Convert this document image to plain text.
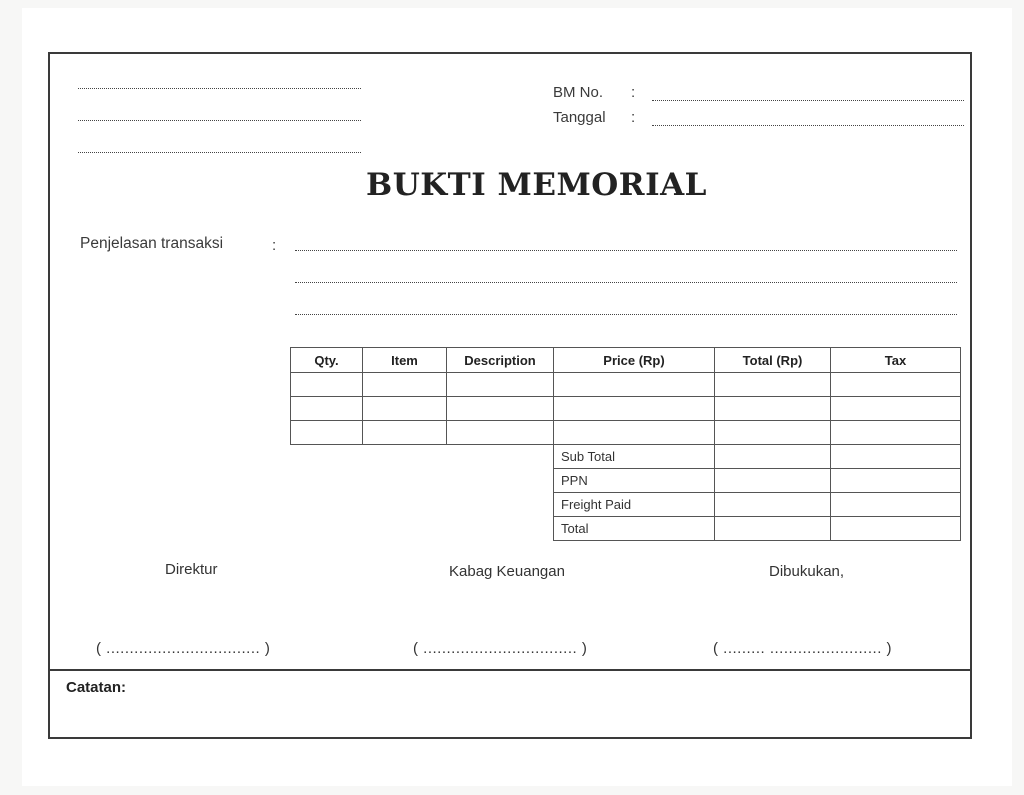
BM No. :
Tanggal :
BUKTI MEMORIAL
Penjelasan transaksi	:
Qty.	Item	Description	Price (Rp)	Total (Rp)	Tax

			Sub Total		
			PPN		
			Freight Paid		
			Total		
Direktur	Kabag Keuangan	Dibukukan,
( ................................. )	( ................................. )	( ......... ........................ )
Catatan:
